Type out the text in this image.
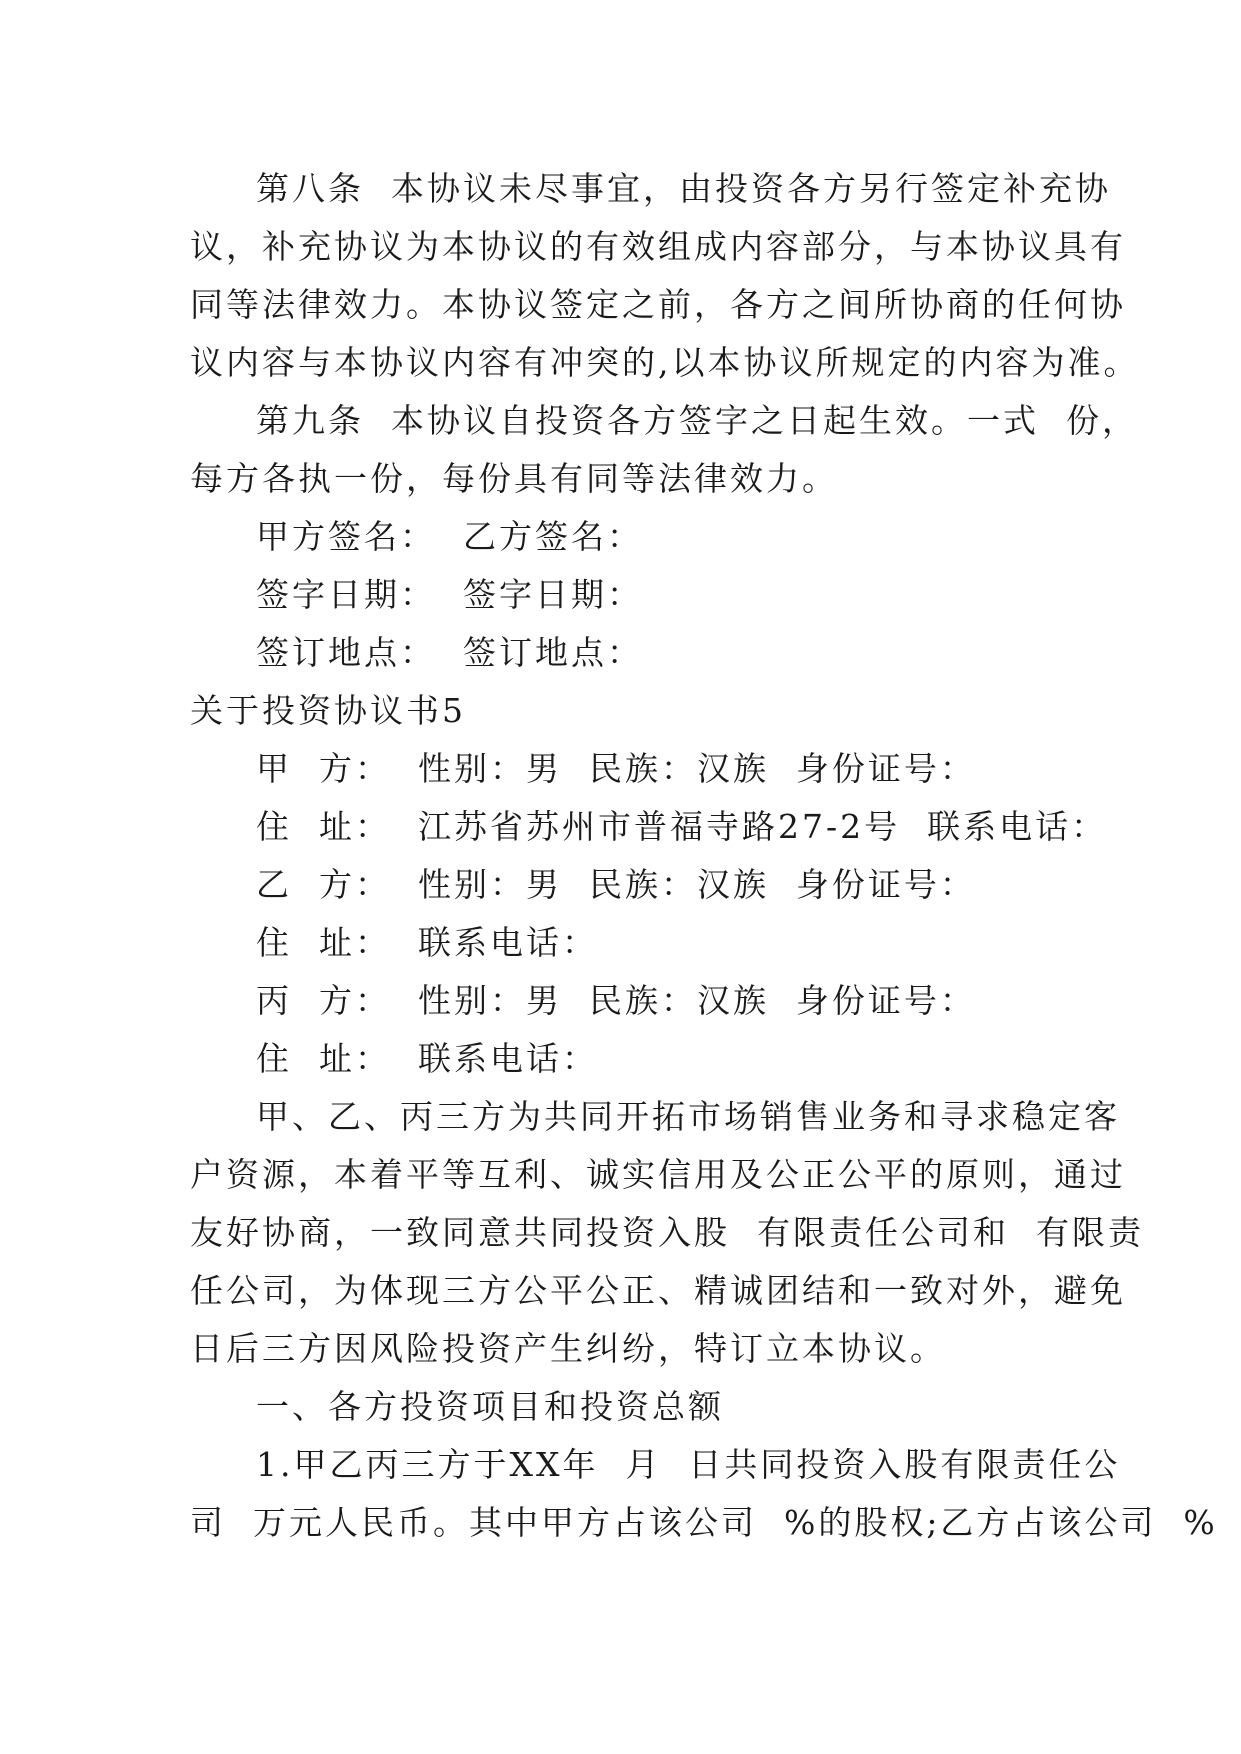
第八条  本协议未尽事宜，由投资各方另行签定补充协
议，补充协议为本协议的有效组成内容部分，与本协议具有
同等法律效力。本协议签定之前，各方之间所协商的任何协
议内容与本协议内容有冲突的,以本协议所规定的内容为准。
第九条  本协议自投资各方签字之日起生效。一式  份，
每方各执一份，每份具有同等法律效力。
甲方签名：  乙方签名：
签字日期：  签字日期：
签订地点：  签订地点：
关于投资协议书5
甲  方：  性别：男  民族：汉族  身份证号：
住  址：  江苏省苏州市普福寺路27-2号  联系电话：
乙  方：  性别：男  民族：汉族  身份证号：
住  址：  联系电话：
丙  方：  性别：男  民族：汉族  身份证号：
住  址：  联系电话：
甲、乙、丙三方为共同开拓市场销售业务和寻求稳定客
户资源，本着平等互利、诚实信用及公正公平的原则，通过
友好协商，一致同意共同投资入股  有限责任公司和  有限责
任公司，为体现三方公平公正、精诚团结和一致对外，避免
日后三方因风险投资产生纠纷，特订立本协议。
一、各方投资项目和投资总额
1.甲乙丙三方于XX年  月  日共同投资入股有限责任公
司  万元人民币。其中甲方占该公司  %的股权;乙方占该公司  %
